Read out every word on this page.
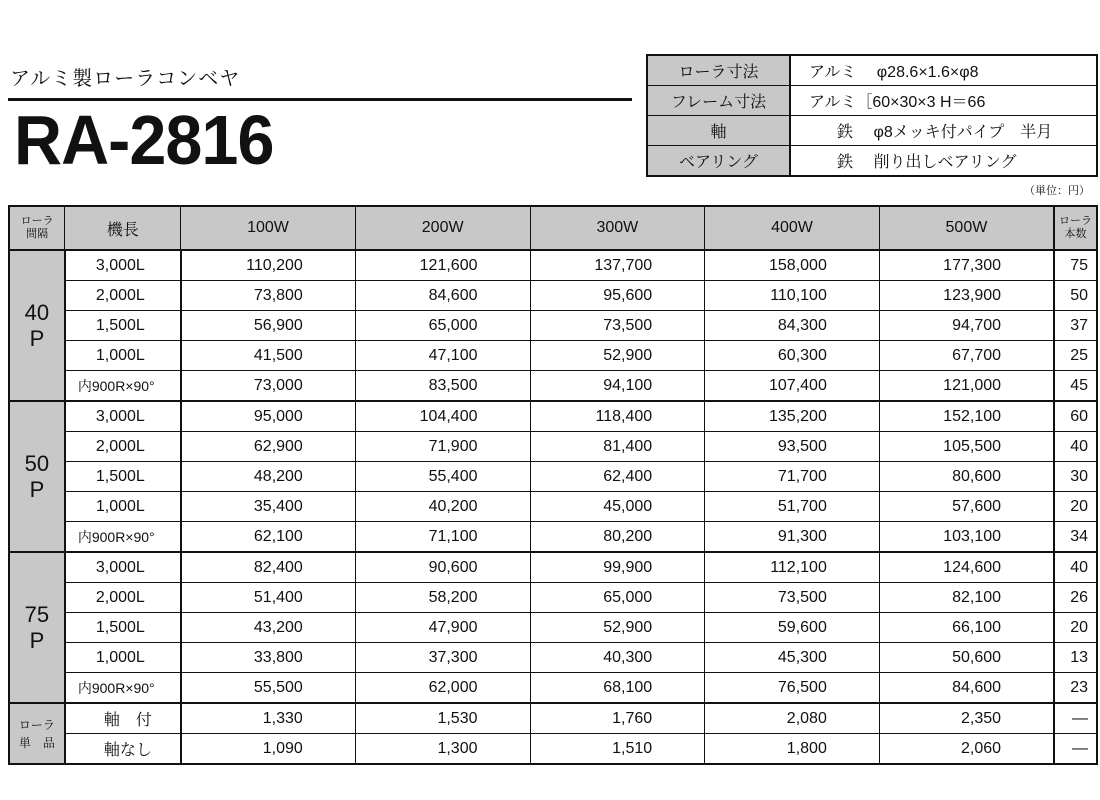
アルミ製ローラコンベヤ
RA-2816
ローラ寸法	アルミ　 φ28.6×1.6×φ8
フレーム寸法	アルミ［60×30×3 H＝66
軸	鉄　 φ8メッキ付パイプ　半月
ベアリング	鉄　 削り出しベアリング
（単位：円）
ローラ
間隔	機長	100W	200W	300W	400W	500W	ローラ
本数
40
P	3,000L	110,200	121,600	137,700	158,000	177,300	75
	2,000L	73,800	84,600	95,600	110,100	123,900	50
	1,500L	56,900	65,000	73,500	84,300	94,700	37
	1,000L	41,500	47,100	52,900	60,300	67,700	25
	内900R×90°	73,000	83,500	94,100	107,400	121,000	45
50
P	3,000L	95,000	104,400	118,400	135,200	152,100	60
	2,000L	62,900	71,900	81,400	93,500	105,500	40
	1,500L	48,200	55,400	62,400	71,700	80,600	30
	1,000L	35,400	40,200	45,000	51,700	57,600	20
	内900R×90°	62,100	71,100	80,200	91,300	103,100	34
75
P	3,000L	82,400	90,600	99,900	112,100	124,600	40
	2,000L	51,400	58,200	65,000	73,500	82,100	26
	1,500L	43,200	47,900	52,900	59,600	66,100	20
	1,000L	33,800	37,300	40,300	45,300	50,600	13
	内900R×90°	55,500	62,000	68,100	76,500	84,600	23
ローラ
単　品	軸　付	1,330	1,530	1,760	2,080	2,350	—
	軸なし	1,090	1,300	1,510	1,800	2,060	—
